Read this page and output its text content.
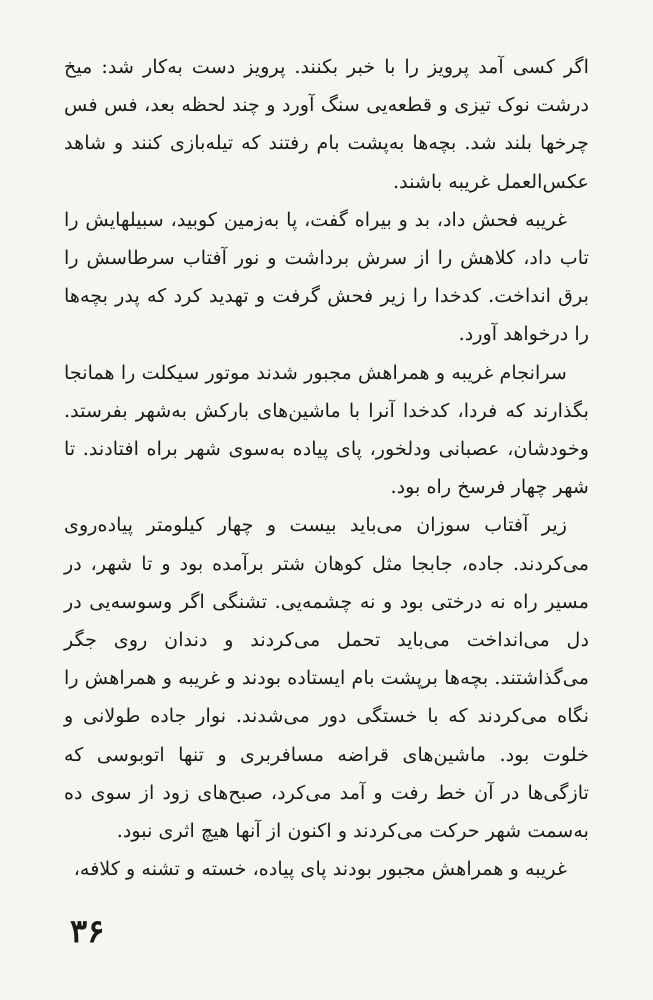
اگر کسی آمد پرویز را با خبر بکنند. پرویز دست به‌کار شد: میخ درشت نوک تیزی و قطعه‌یی سنگ آورد و چند لحظه بعد، فس فس چرخها بلند شد. بچه‌ها به‌پشت بام رفتند که تیله‌بازی کنند و شاهد عکس‌العمل غریبه باشند.

غریبه فحش داد، بد و بیراه گفت، پا به‌زمین کوبید، سبیلهایش را تاب داد، کلاهش را از سرش برداشت و نور آفتاب سرطاسش را برق انداخت. کدخدا را زیر فحش گرفت و تهدید کرد که پدر بچه‌ها را درخواهد آورد.

سرانجام غریبه و همراهش مجبور شدند موتور سیکلت را همانجا بگذارند که فردا، کدخدا آنرا با ماشین‌های بارکش به‌شهر بفرستد. وخودشان، عصبانی ودلخور، پای پیاده به‌سوی شهر براه افتادند. تا شهر چهار فرسخ راه بود.

زیر آفتاب سوزان می‌باید بیست و چهار کیلومتر پیاده‌روی می‌کردند. جاده، جابجا مثل کوهان شتر برآمده بود و تا شهر، در مسیر راه نه درختی بود و نه چشمه‌یی. تشنگی اگر وسوسه‌یی در دل می‌انداخت می‌باید تحمل می‌کردند و دندان روی جگر می‌گذاشتند. بچه‌ها برپشت بام ایستاده بودند و غریبه و همراهش را نگاه می‌کردند که با خستگی دور می‌شدند. نوار جاده طولانی و خلوت بود. ماشین‌های قراضه مسافربری و تنها اتوبوسی که تازگی‌ها در آن خط رفت و آمد می‌کرد، صبح‌های زود از سوی ده به‌سمت شهر حرکت می‌کردند و اکنون از آنها هیچ اثری نبود.

غریبه و همراهش مجبور بودند پای پیاده، خسته و تشنه و کلافه،

۳۶
